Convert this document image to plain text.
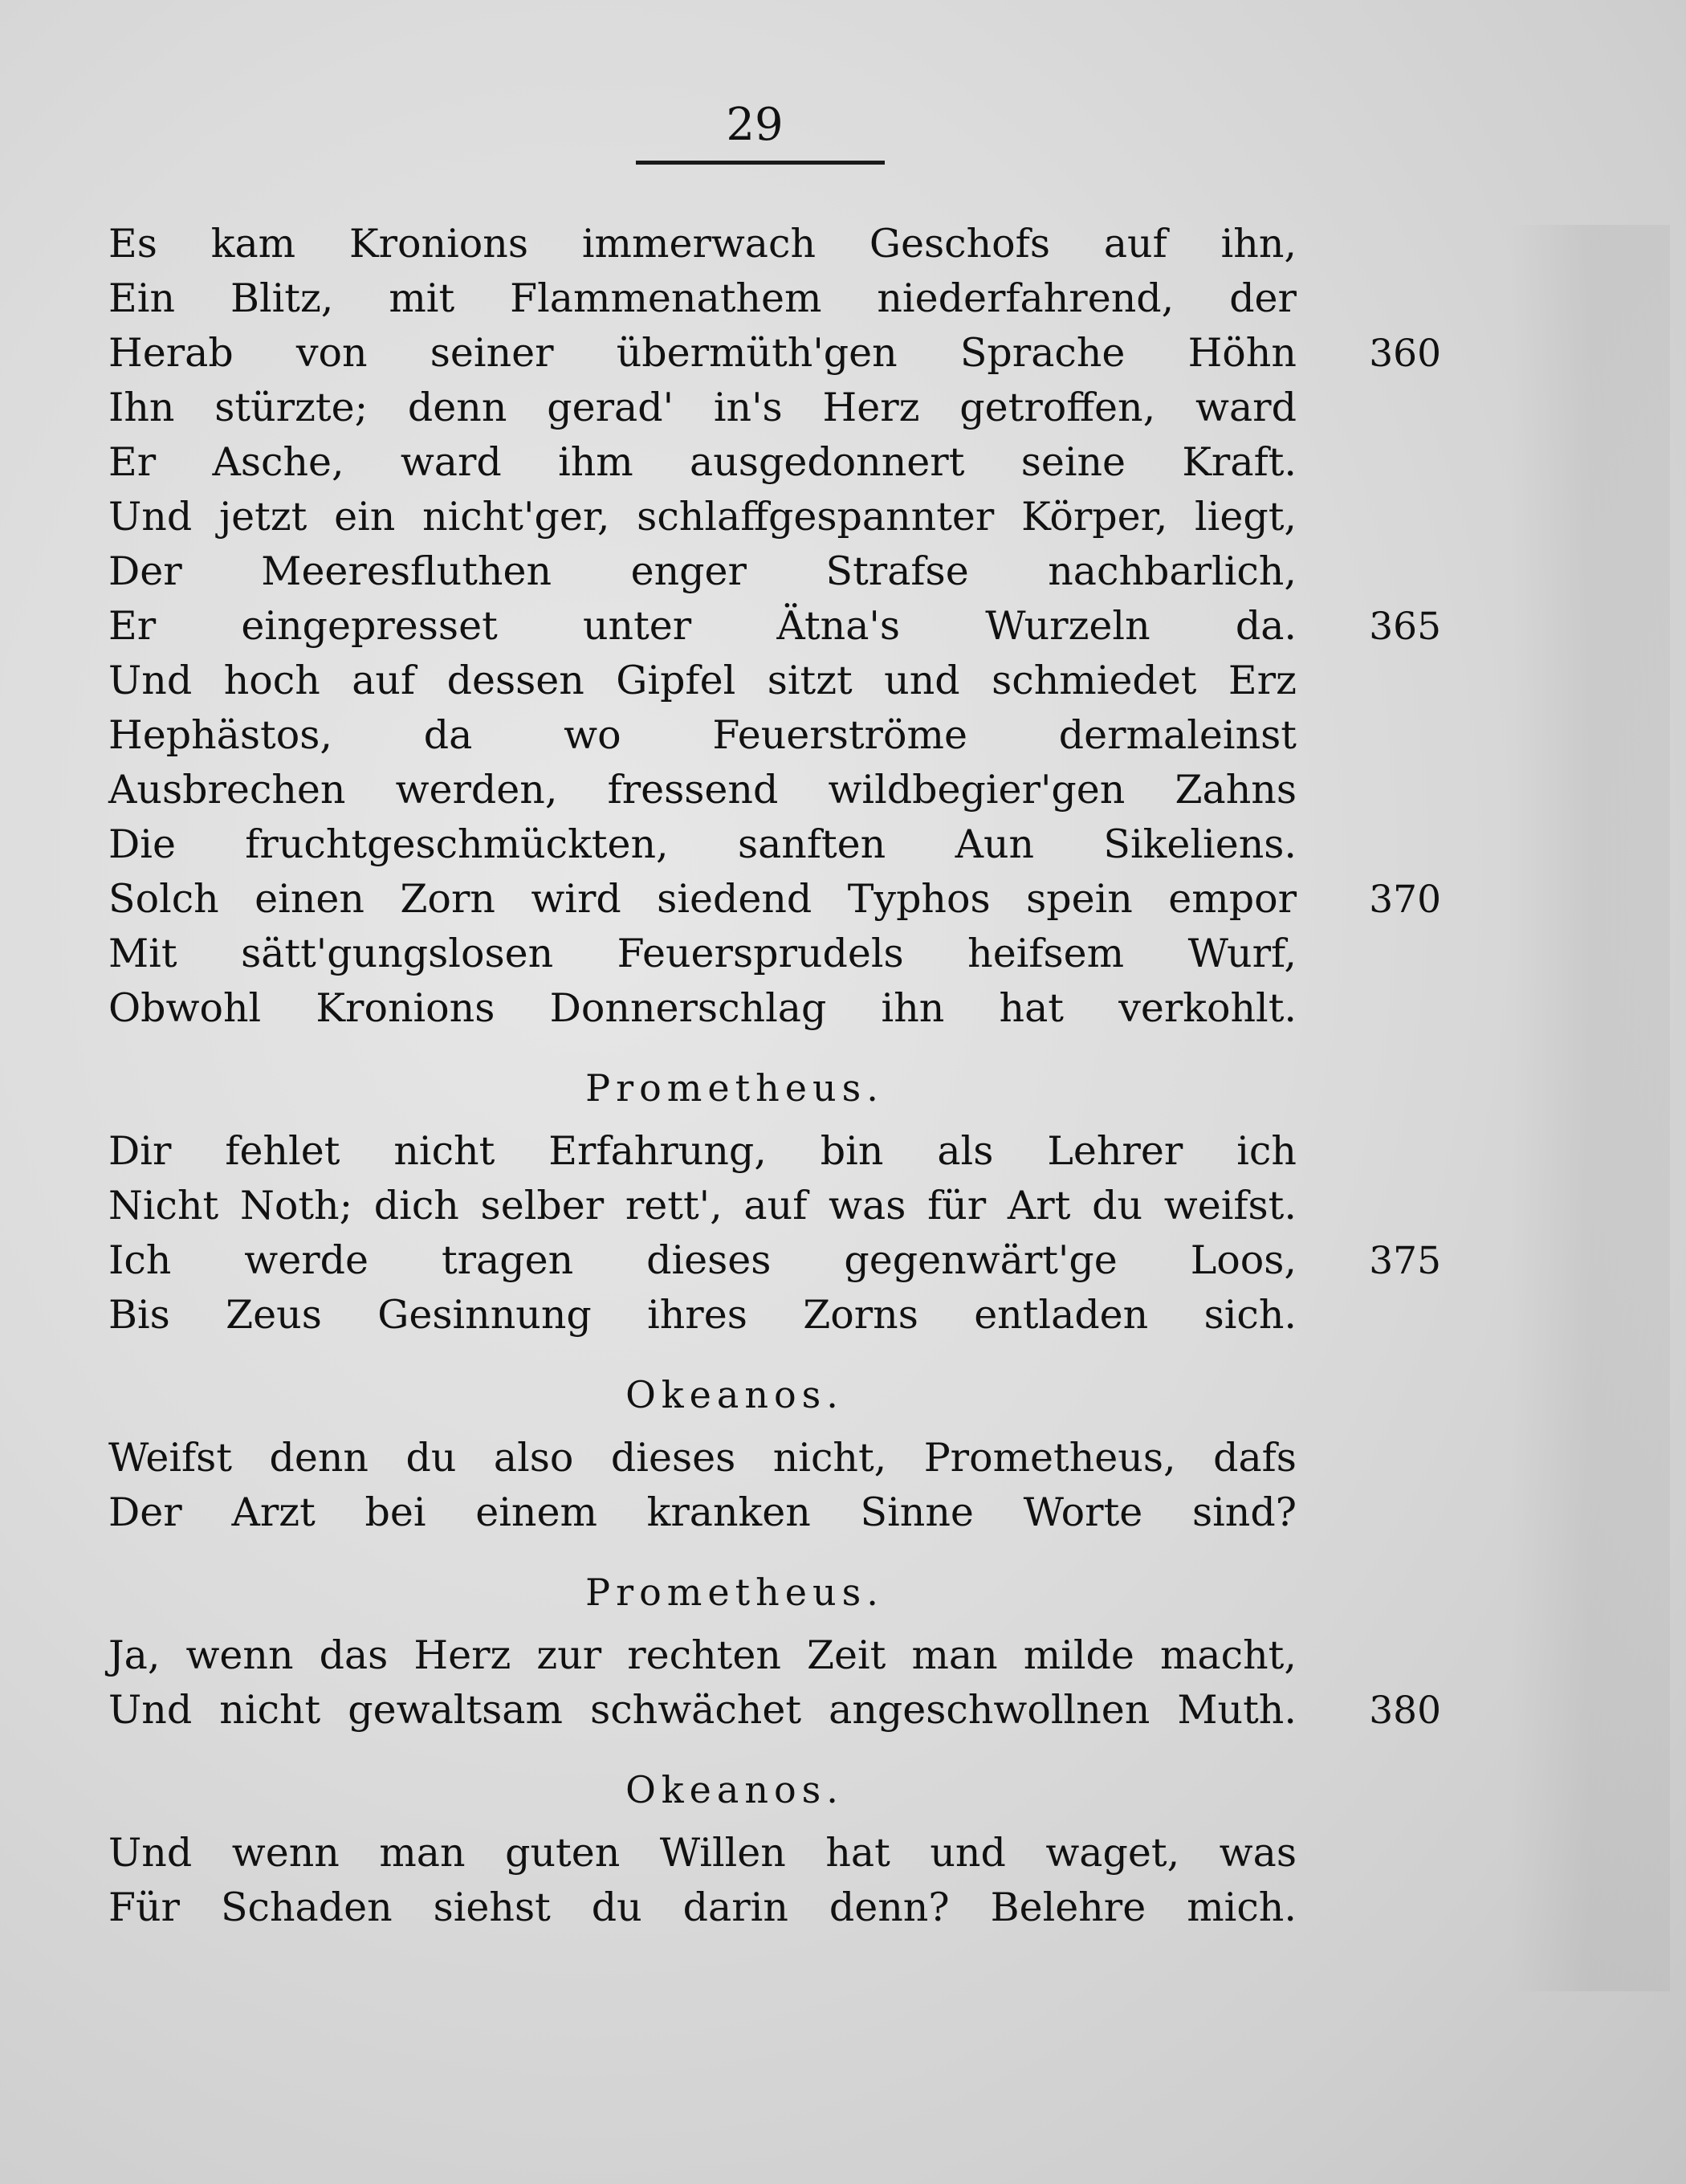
29
Es kam Kronions immerwach Geschofs auf ihn,
Ein Blitz, mit Flammenathem niederfahrend, der
Herab von seiner übermüth'gen Sprache Höhn	360
Ihn stürzte; denn gerad' in's Herz getroffen, ward
Er Asche, ward ihm ausgedonnert seine Kraft.
Und jetzt ein nicht'ger, schlaffgespannter Körper, liegt,
Der Meeresfluthen enger Strafse nachbarlich,
Er eingepresset unter Ätna's Wurzeln da.	365
Und hoch auf dessen Gipfel sitzt und schmiedet Erz
Hephästos, da wo Feuerströme dermaleinst
Ausbrechen werden, fressend wildbegier'gen Zahns
Die fruchtgeschmückten, sanften Aun Sikeliens.
Solch einen Zorn wird siedend Typhos spein empor	370
Mit sätt'gungslosen Feuersprudels heifsem Wurf,
Obwohl Kronions Donnerschlag ihn hat verkohlt.
Prometheus.
Dir fehlet nicht Erfahrung, bin als Lehrer ich
Nicht Noth; dich selber rett', auf was für Art du weifst.
Ich werde tragen dieses gegenwärt'ge Loos,	375
Bis Zeus Gesinnung ihres Zorns entladen sich.
Okeanos.
Weifst denn du also dieses nicht, Prometheus, dafs
Der Arzt bei einem kranken Sinne Worte sind?
Prometheus.
Ja, wenn das Herz zur rechten Zeit man milde macht,
Und nicht gewaltsam schwächet angeschwollnen Muth.	380
Okeanos.
Und wenn man guten Willen hat und waget, was
Für Schaden siehst du darin denn? Belehre mich.
